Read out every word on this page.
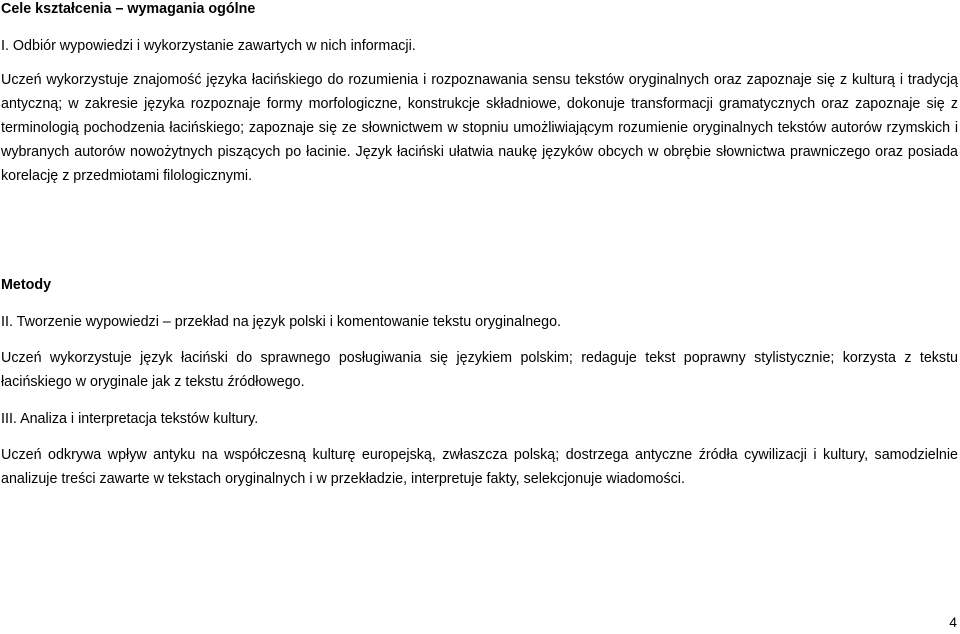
Cele kształcenia – wymagania ogólne
I. Odbiór wypowiedzi i wykorzystanie zawartych w nich informacji.
Uczeń wykorzystuje znajomość języka łacińskiego do rozumienia i rozpoznawania sensu tekstów oryginalnych oraz zapoznaje się z kulturą i tradycją antyczną; w zakresie języka rozpoznaje formy morfologiczne, konstrukcje składniowe, dokonuje transformacji gramatycznych oraz zapoznaje się z terminologią pochodzenia łacińskiego; zapoznaje się ze słownictwem w stopniu umożliwiającym rozumienie oryginalnych tekstów autorów rzymskich i wybranych autorów nowożytnych piszących po łacinie. Język łaciński ułatwia naukę języków obcych w obrębie słownictwa prawniczego oraz posiada korelację z przedmiotami filologicznymi.
Metody
II. Tworzenie wypowiedzi – przekład na język polski i komentowanie tekstu oryginalnego.
Uczeń wykorzystuje język łaciński do sprawnego posługiwania się językiem polskim; redaguje tekst poprawny stylistycznie; korzysta z tekstu łacińskiego w oryginale jak z tekstu źródłowego.
III. Analiza i interpretacja tekstów kultury.
Uczeń odkrywa wpływ antyku na współczesną kulturę europejską, zwłaszcza polską; dostrzega antyczne źródła cywilizacji i kultury, samodzielnie analizuje treści zawarte w tekstach oryginalnych i w przekładzie, interpretuje fakty, selekcjonuje wiadomości.
4
